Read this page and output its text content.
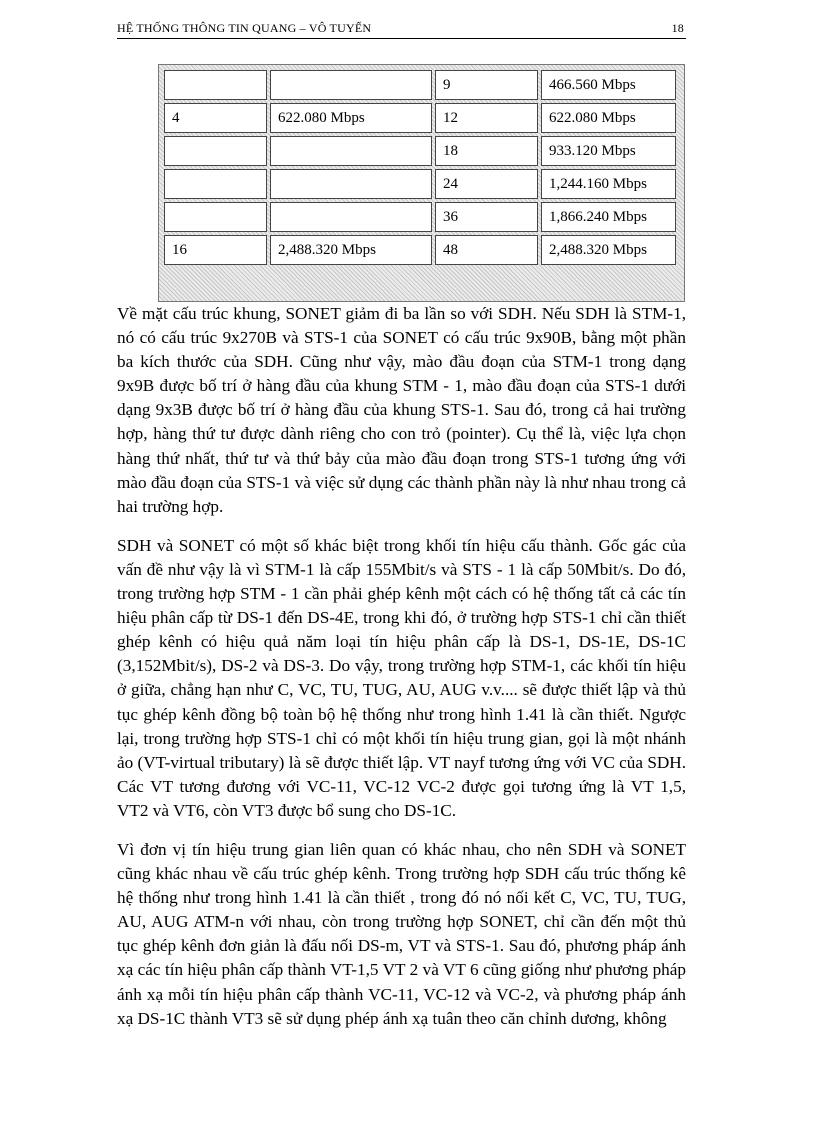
HỆ THỐNG THÔNG TIN QUANG – VÔ TUYẾN	18
		9	466.560 Mbps
4	622.080 Mbps	12	622.080 Mbps
		18	933.120 Mbps
		24	1,244.160 Mbps
		36	1,866.240 Mbps
16	2,488.320 Mbps	48	2,488.320 Mbps

Về mặt cấu trúc khung, SONET giảm đi ba lần so với SDH. Nếu SDH là STM-1, nó có cấu trúc 9x270B và STS-1 của SONET có cấu trúc 9x90B, bằng một phần ba kích thước của SDH. Cũng như vậy, mào đầu đoạn của STM-1 trong dạng 9x9B được bố trí ở hàng đầu của khung STM - 1, mào đầu đoạn của STS-1 dưới dạng 9x3B được bố trí ở hàng đầu của khung STS-1. Sau đó, trong cả hai trường hợp, hàng thứ tư được dành riêng cho con trỏ (pointer). Cụ thể là, việc lựa chọn hàng thứ nhất, thứ tư và thứ bảy của mào đầu đoạn trong STS-1 tương ứng với mào đầu đoạn của STS-1 và việc sử dụng các thành phần này là như nhau trong cả hai trường hợp.

SDH và SONET có một số khác biệt trong khối tín hiệu cấu thành. Gốc gác của vấn đề như vậy là vì STM-1 là cấp 155Mbit/s và STS - 1 là cấp 50Mbit/s. Do đó, trong trường hợp STM - 1 cần phải ghép kênh một cách có hệ thống tất cả các tín hiệu phân cấp từ DS-1 đến DS-4E, trong khi đó, ở trường hợp STS-1 chỉ cần thiết ghép kênh có hiệu quả năm loại tín hiệu phân cấp là DS-1, DS-1E, DS-1C (3,152Mbit/s), DS-2 và DS-3. Do vậy, trong trường hợp STM-1, các khối tín hiệu ở giữa, chẳng hạn như C, VC, TU, TUG, AU, AUG v.v.... sẽ được thiết lập và thủ tục ghép kênh đồng bộ toàn bộ hệ thống như trong hình 1.41 là cần thiết. Ngược lại, trong trường hợp STS-1 chỉ có một khối tín hiệu trung gian, gọi là một nhánh ảo (VT-virtual tributary) là sẽ được thiết lập. VT nayf tương ứng với VC của SDH. Các VT tương đương với VC-11, VC-12 VC-2 được gọi tương ứng là VT 1,5, VT2 và VT6, còn VT3 được bổ sung cho DS-1C.

Vì đơn vị tín hiệu trung gian liên quan có khác nhau, cho nên SDH và SONET cũng khác nhau về cấu trúc ghép kênh. Trong trường hợp SDH cấu trúc thống kê hệ thống như trong hình 1.41 là cần thiết , trong đó nó nối kết C, VC, TU, TUG, AU, AUG ATM-n với nhau, còn trong trường hợp SONET, chỉ cần đến một thủ tục ghép kênh đơn giản là đấu nối DS-m, VT và STS-1. Sau đó, phương pháp ánh xạ các tín hiệu phân cấp thành VT-1,5 VT 2 và VT 6 cũng giống như phương pháp ánh xạ mỗi tín hiệu phân cấp thành VC-11, VC-12 và VC-2, và phương pháp ánh xạ DS-1C thành VT3 sẽ sử dụng phép ánh xạ tuân theo căn chỉnh dương, không
